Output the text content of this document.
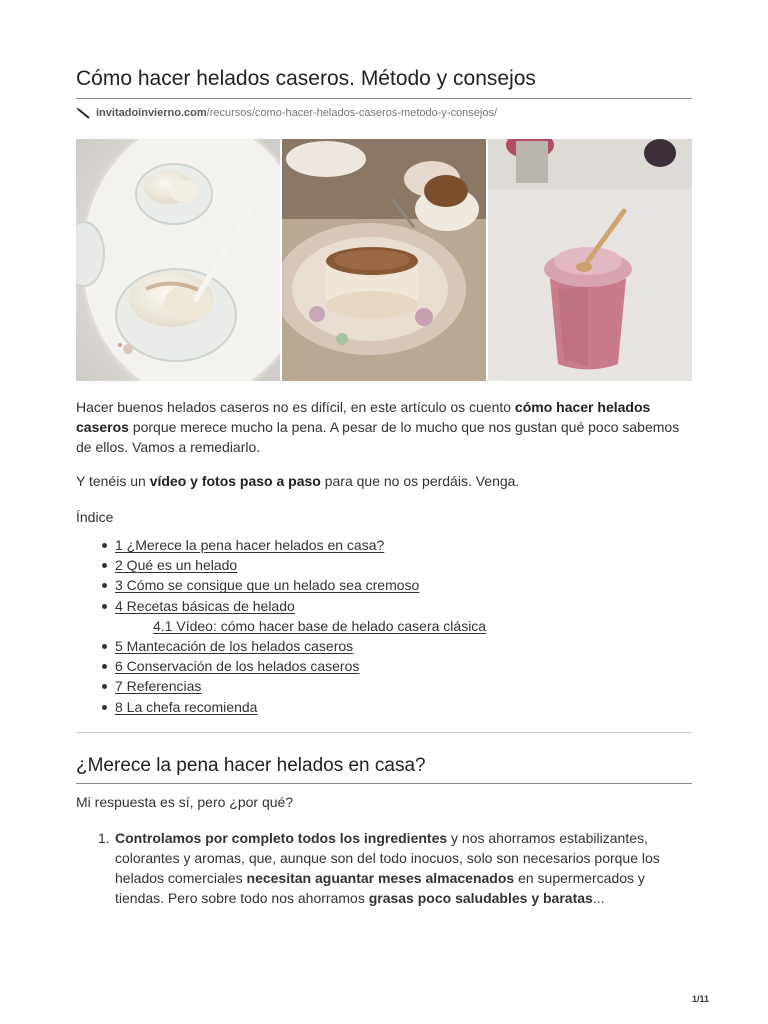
Cómo hacer helados caseros. Método y consejos
invitadoinvierno.com/recursos/como-hacer-helados-caseros-metodo-y-consejos/

Hacer buenos helados caseros no es difícil, en este artículo os cuento cómo hacer helados caseros porque merece mucho la pena. A pesar de lo mucho que nos gustan qué poco sabemos de ellos. Vamos a remediarlo.

Y tenéis un vídeo y fotos paso a paso para que no os perdáis. Venga.

Índice

1 ¿Merece la pena hacer helados en casa?
2 Qué es un helado
3 Cómo se consigue que un helado sea cremoso
4 Recetas básicas de helado
4.1 Vídeo: cómo hacer base de helado casera clásica
5 Mantecación de los helados caseros
6 Conservación de los helados caseros
7 Referencias
8 La chefa recomienda
¿Merece la pena hacer helados en casa?

Mi respuesta es sí, pero ¿por qué?

1. Controlamos por completo todos los ingredientes y nos ahorramos estabilizantes, colorantes y aromas, que, aunque son del todo inocuos, solo son necesarios porque los helados comerciales necesitan aguantar meses almacenados en supermercados y tiendas. Pero sobre todo nos ahorramos grasas poco saludables y baratas...
1/11
